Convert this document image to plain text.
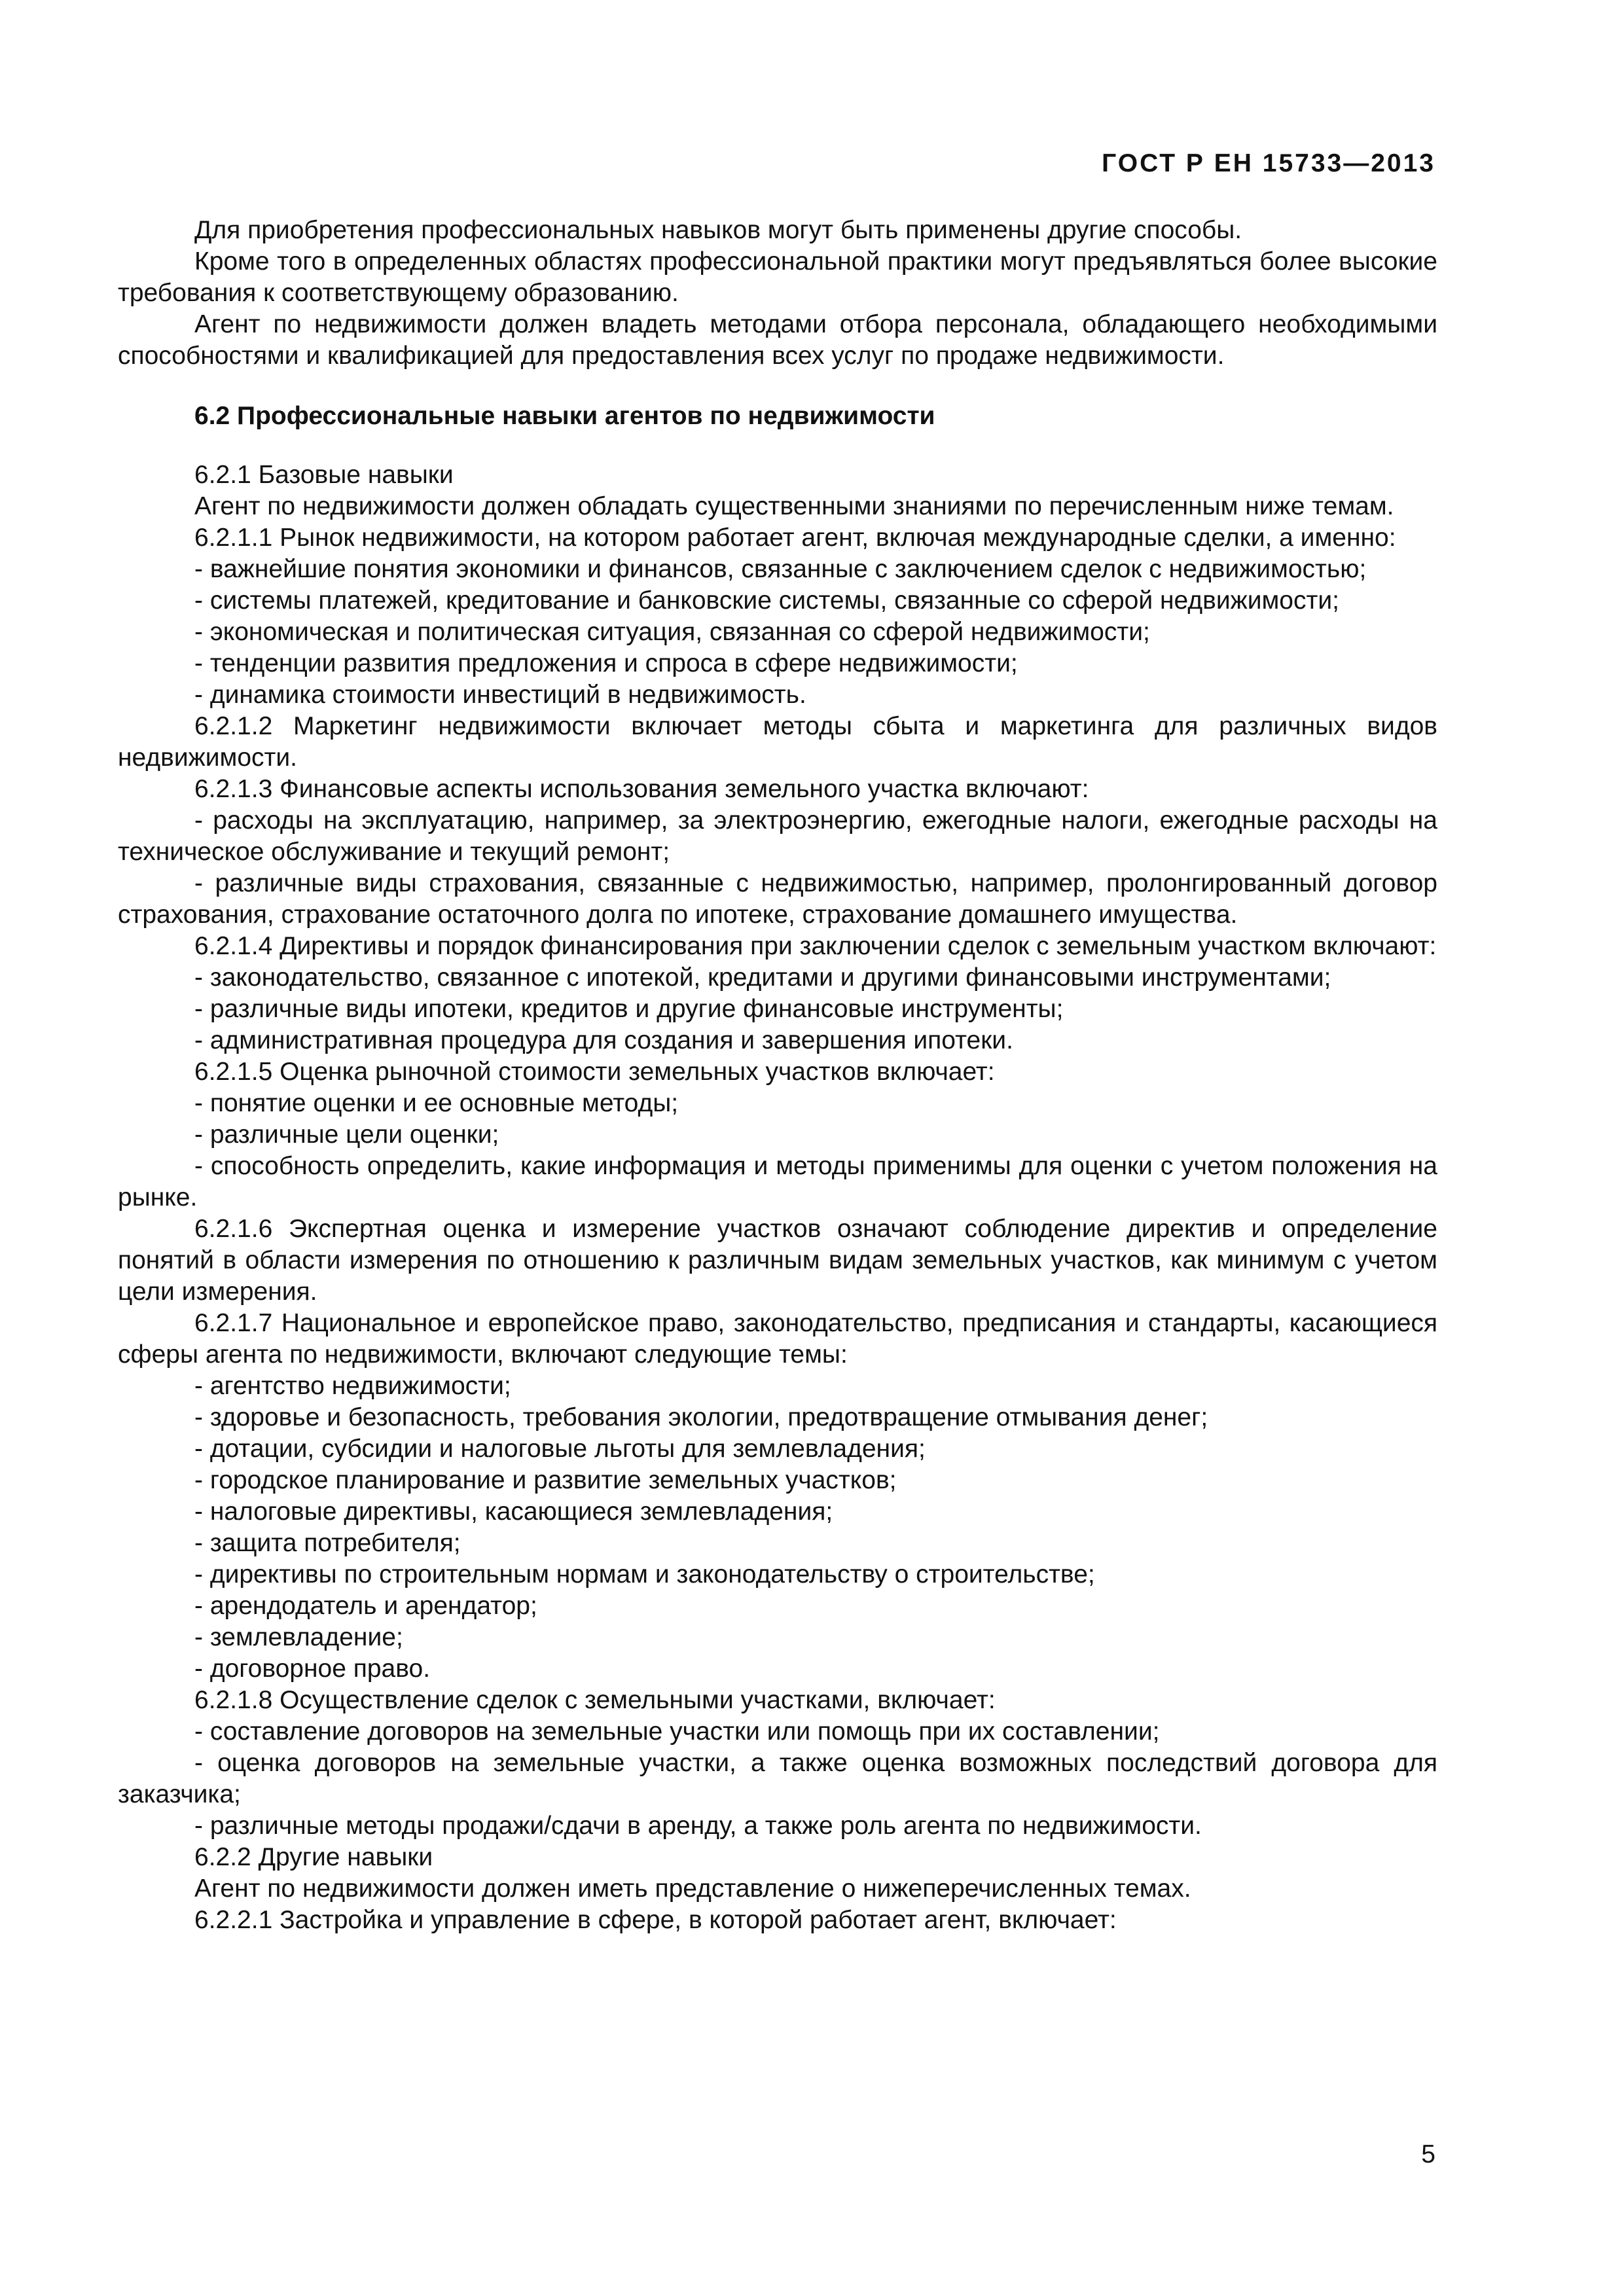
ГОСТ Р ЕН 15733—2013

Для приобретения профессиональных навыков могут быть применены другие способы.

Кроме того в определенных областях профессиональной практики могут предъявляться более высокие требования к соответствующему образованию.

Агент по недвижимости должен владеть методами отбора персонала, обладающего необходимыми способностями и квалификацией для предоставления всех услуг по продаже недвижимости.

6.2 Профессиональные навыки агентов по недвижимости

6.2.1 Базовые навыки

Агент по недвижимости должен обладать существенными знаниями по перечисленным ниже темам.

6.2.1.1 Рынок недвижимости, на котором работает агент, включая международные сделки, а именно:

- важнейшие понятия экономики и финансов, связанные с заключением сделок с недвижимостью;

- системы платежей, кредитование и банковские системы, связанные со сферой недвижимости;

- экономическая и политическая ситуация, связанная со сферой недвижимости;

- тенденции развития предложения и спроса в сфере недвижимости;

- динамика стоимости инвестиций в недвижимость.

6.2.1.2 Маркетинг недвижимости включает методы сбыта и маркетинга для различных видов недвижимости.

6.2.1.3 Финансовые аспекты использования земельного участка включают:

- расходы на эксплуатацию, например, за электроэнергию, ежегодные налоги, ежегодные расходы на техническое обслуживание и текущий ремонт;

- различные виды страхования, связанные с недвижимостью, например, пролонгированный договор страхования, страхование остаточного долга по ипотеке, страхование домашнего имущества.

6.2.1.4 Директивы и порядок финансирования при заключении сделок с земельным участком включают:

- законодательство, связанное с ипотекой, кредитами и другими финансовыми инструментами;

- различные виды ипотеки, кредитов и другие финансовые инструменты;

- административная процедура для создания и завершения ипотеки.

6.2.1.5 Оценка рыночной стоимости земельных участков включает:

- понятие оценки и ее основные методы;

- различные цели оценки;

- способность определить, какие информация и методы применимы для оценки с учетом положения на рынке.

6.2.1.6 Экспертная оценка и измерение участков означают соблюдение директив и определение понятий в области измерения по отношению к различным видам земельных участков, как минимум с учетом цели измерения.

6.2.1.7 Национальное и европейское право, законодательство, предписания и стандарты, касающиеся сферы агента по недвижимости, включают следующие темы:

- агентство недвижимости;

- здоровье и безопасность, требования экологии, предотвращение отмывания денег;

- дотации, субсидии и налоговые льготы для землевладения;

- городское планирование и развитие земельных участков;

- налоговые директивы, касающиеся землевладения;

- защита потребителя;

- директивы по строительным нормам и законодательству о строительстве;

- арендодатель и арендатор;

- землевладение;

- договорное право.

6.2.1.8 Осуществление сделок с земельными участками, включает:

- составление договоров на земельные участки или помощь при их составлении;

- оценка договоров на земельные участки, а также оценка возможных последствий договора для заказчика;

- различные методы продажи/сдачи в аренду, а также роль агента по недвижимости.

6.2.2 Другие навыки

Агент по недвижимости должен иметь представление о нижеперечисленных темах.

6.2.2.1 Застройка и управление в сфере, в которой работает агент, включает:

5
